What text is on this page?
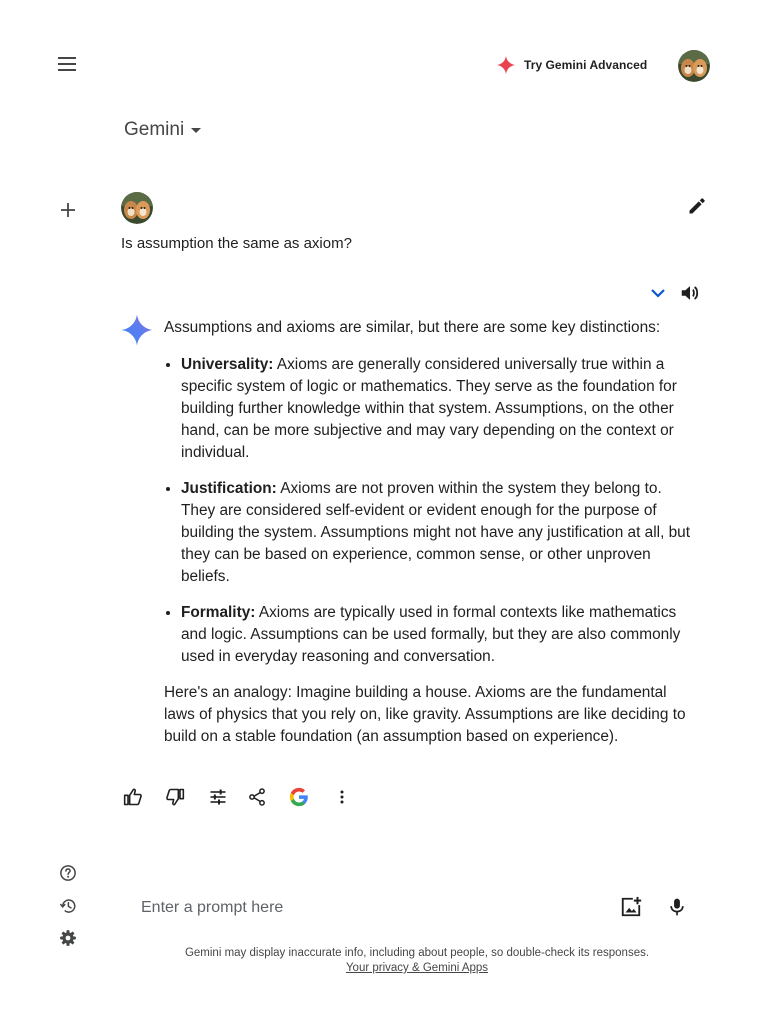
Try Gemini Advanced
Gemini
Is assumption the same as axiom?

Assumptions and axioms are similar, but there are some key distinctions:

• Universality: Axioms are generally considered universally true within a specific system of logic or mathematics. They serve as the foundation for building further knowledge within that system. Assumptions, on the other hand, can be more subjective and may vary depending on the context or individual.
• Justification: Axioms are not proven within the system they belong to. They are considered self-evident or evident enough for the purpose of building the system. Assumptions might not have any justification at all, but they can be based on experience, common sense, or other unproven beliefs.
• Formality: Axioms are typically used in formal contexts like mathematics and logic. Assumptions can be used formally, but they are also commonly used in everyday reasoning and conversation.

Here's an analogy: Imagine building a house. Axioms are the fundamental laws of physics that you rely on, like gravity. Assumptions are like deciding to build on a stable foundation (an assumption based on experience).

Enter a prompt here
Gemini may display inaccurate info, including about people, so double-check its responses.
Your privacy & Gemini Apps
